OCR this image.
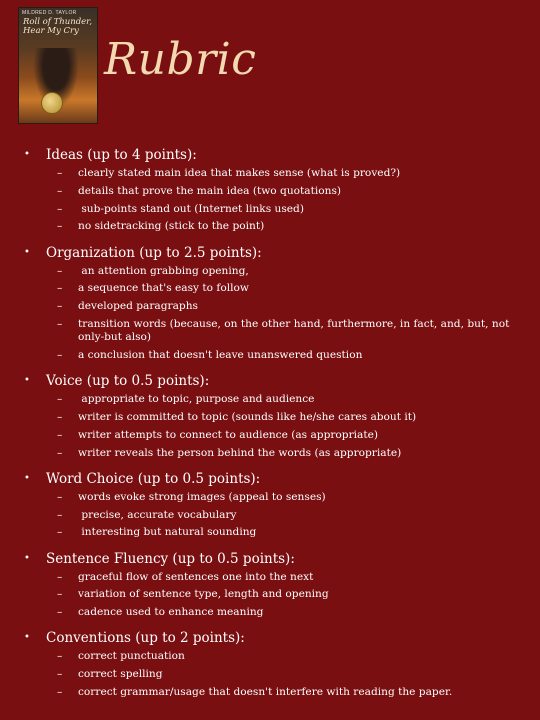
MILDRED D. TAYLOR
Roll of Thunder, Hear My Cry
Rubric
• Ideas (up to 4 points):
– clearly stated main idea that makes sense (what is proved?)
– details that prove the main idea (two quotations)
– sub-points stand out (Internet links used)
– no sidetracking (stick to the point)
• Organization (up to 2.5 points):
– an attention grabbing opening,
– a sequence that's easy to follow
– developed paragraphs
– transition words (because, on the other hand, furthermore, in fact, and, but, not only-but also)
– a conclusion that doesn't leave unanswered question
• Voice (up to 0.5 points):
– appropriate to topic, purpose and audience
– writer is committed to topic (sounds like he/she cares about it)
– writer attempts to connect to audience (as appropriate)
– writer reveals the person behind the words (as appropriate)
• Word Choice (up to 0.5 points):
– words evoke strong images (appeal to senses)
– precise, accurate vocabulary
– interesting but natural sounding
• Sentence Fluency (up to 0.5 points):
– graceful flow of sentences one into the next
– variation of sentence type, length and opening
– cadence used to enhance meaning
• Conventions (up to 2 points):
– correct punctuation
– correct spelling
– correct grammar/usage that doesn't interfere with reading the paper.
